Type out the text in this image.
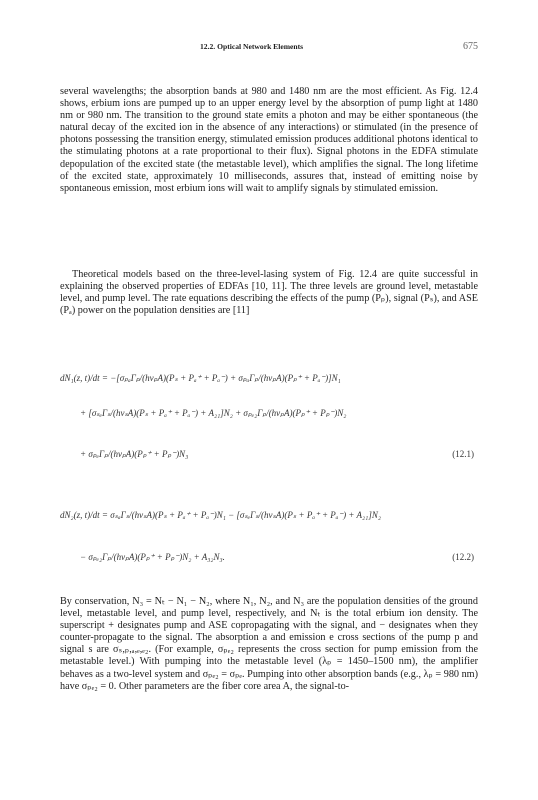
12.2. Optical Network Elements	675

several wavelengths; the absorption bands at 980 and 1480 nm are the most efficient. As Fig. 12.4 shows, erbium ions are pumped up to an upper energy level by the absorption of pump light at 1480 nm or 980 nm. The transition to the ground state emits a photon and may be either spontaneous (the natural decay of the excited ion in the absence of any interactions) or stimulated (in the presence of photons possessing the transition energy, stimulated emission produces additional photons identical to the stimulating photons at a rate proportional to their flux). Signal photons in the EDFA stimulate depopulation of the excited state (the metastable level), which amplifies the signal. The long lifetime of the excited state, approximately 10 milliseconds, assures that, instead of emitting noise by spontaneous emission, most erbium ions will wait to amplify signals by stimulated emission.

Theoretical models based on the three-level-lasing system of Fig. 12.4 are quite successful in explaining the observed properties of EDFAs [10, 11]. The three levels are ground level, metastable level, and pump level. The rate equations describing the effects of the pump (Pₚ), signal (Pₛ), and ASE (Pₐ) power on the population densities are [11]

dN₁(z, t)/dt = −[σₚₐΓₚ/(hνₚA)(Pₛ + Pₐ⁺ + Pₐ⁻) + σₚₐΓₚ/(hνₚA)(Pₚ⁺ + Pₐ⁻)]N₁
+ [σₛₑΓₛ/(hνₛA)(Pₛ + Pₐ⁺ + Pₐ⁻) + A₂₁]N₂ + σₚₑ₂Γₚ/(hνₚA)(Pₚ⁺ + Pₚ⁻)N₂
+ σₚₑΓₚ/(hνₚA)(Pₚ⁺ + Pₚ⁻)N₃	(12.1)
dN₂(z, t)/dt = σₛₐΓₛ/(hνₛA)(Pₛ + Pₐ⁺ + Pₐ⁻)N₁ − [σₛₑΓₛ/(hνₛA)(Pₛ + Pₐ⁺ + Pₐ⁻) + A₂₁]N₂
− σₚₑ₂Γₚ/(hνₚA)(Pₚ⁺ + Pₚ⁻)N₂ + A₃₂N₃.	(12.2)

By conservation, N₃ = Nₜ − N₁ − N₂, where N₁, N₂, and N₃ are the population densities of the ground level, metastable level, and pump level, respectively, and Nₜ is the total erbium ion density. The superscript + designates pump and ASE copropagating with the signal, and − designates when they counter-propagate to the signal. The absorption a and emission e cross sections of the pump p and signal s are σₛ,ₚ,ₐ,ₑ,ₑ₂. (For example, σₚₑ₂ represents the cross section for pump emission from the metastable level.) With pumping into the metastable level (λₚ = 1450–1500 nm), the amplifier behaves as a two-level system and σₚₑ₂ = σₚₑ. Pumping into other absorption bands (e.g., λₚ = 980 nm) have σₚₑ₂ = 0. Other parameters are the fiber core area A, the signal-to-
